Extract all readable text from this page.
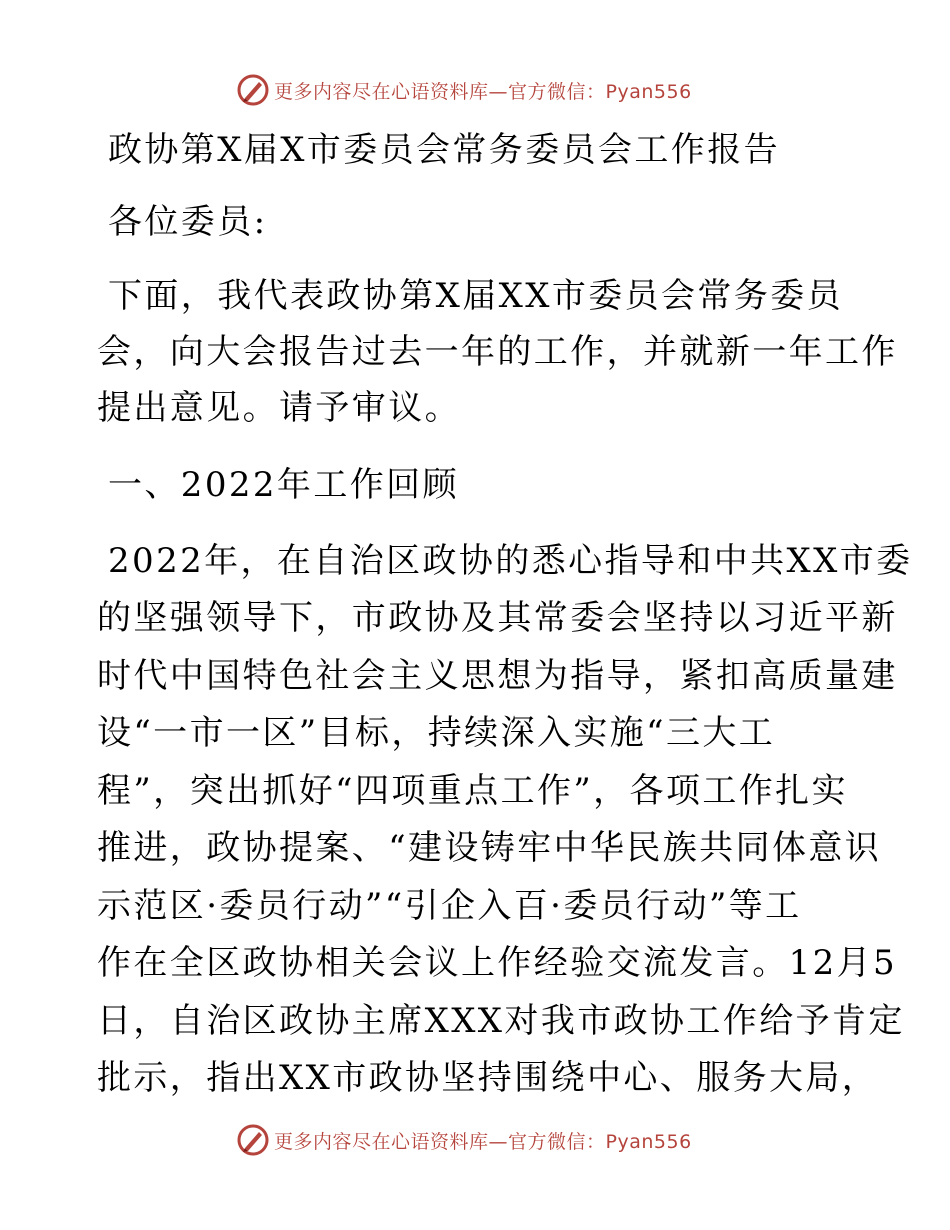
更多内容尽在心语资料库—官方微信：Pyan556
政协第X届X市委员会常务委员会工作报告
各位委员:
下面，我代表政协第X届XX市委员会常务委员
会，向大会报告过去一年的工作，并就新一年工作
提出意见。请予审议。
一、2022年工作回顾
2022年，在自治区政协的悉心指导和中共XX市委
的坚强领导下，市政协及其常委会坚持以习近平新
时代中国特色社会主义思想为指导，紧扣高质量建
设“一市一区”目标，持续深入实施“三大工
程”，突出抓好“四项重点工作”，各项工作扎实
推进，政协提案、“建设铸牢中华民族共同体意识
示范区·委员行动”“引企入百·委员行动”等工
作在全区政协相关会议上作经验交流发言。12月5
日，自治区政协主席XXX对我市政协工作给予肯定
批示，指出XX市政协坚持围绕中心、服务大局，
更多内容尽在心语资料库—官方微信：Pyan556
